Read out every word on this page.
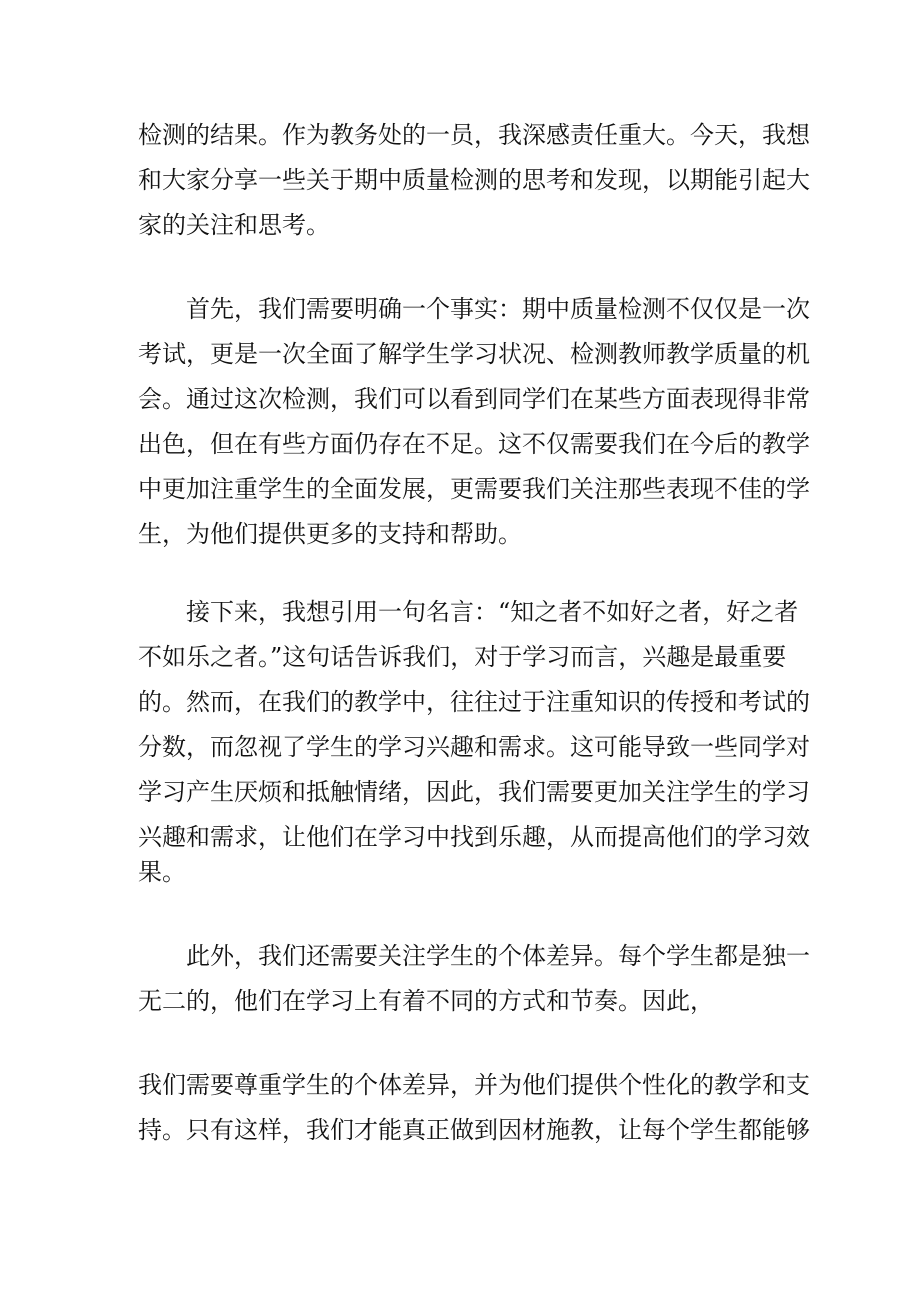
检测的结果。作为教务处的一员，我深感责任重大。今天，我想

和大家分享一些关于期中质量检测的思考和发现，以期能引起大

家的关注和思考。

首先，我们需要明确一个事实：期中质量检测不仅仅是一次

考试，更是一次全面了解学生学习状况、检测教师教学质量的机

会。通过这次检测，我们可以看到同学们在某些方面表现得非常

出色，但在有些方面仍存在不足。这不仅需要我们在今后的教学

中更加注重学生的全面发展，更需要我们关注那些表现不佳的学

生，为他们提供更多的支持和帮助。

接下来，我想引用一句名言：“知之者不如好之者，好之者

不如乐之者。”这句话告诉我们，对于学习而言，兴趣是最重要

的。然而，在我们的教学中，往往过于注重知识的传授和考试的

分数，而忽视了学生的学习兴趣和需求。这可能导致一些同学对

学习产生厌烦和抵触情绪，因此，我们需要更加关注学生的学习

兴趣和需求，让他们在学习中找到乐趣，从而提高他们的学习效

果。

此外，我们还需要关注学生的个体差异。每个学生都是独一

无二的，他们在学习上有着不同的方式和节奏。因此，

我们需要尊重学生的个体差异，并为他们提供个性化的教学和支

持。只有这样，我们才能真正做到因材施教，让每个学生都能够
